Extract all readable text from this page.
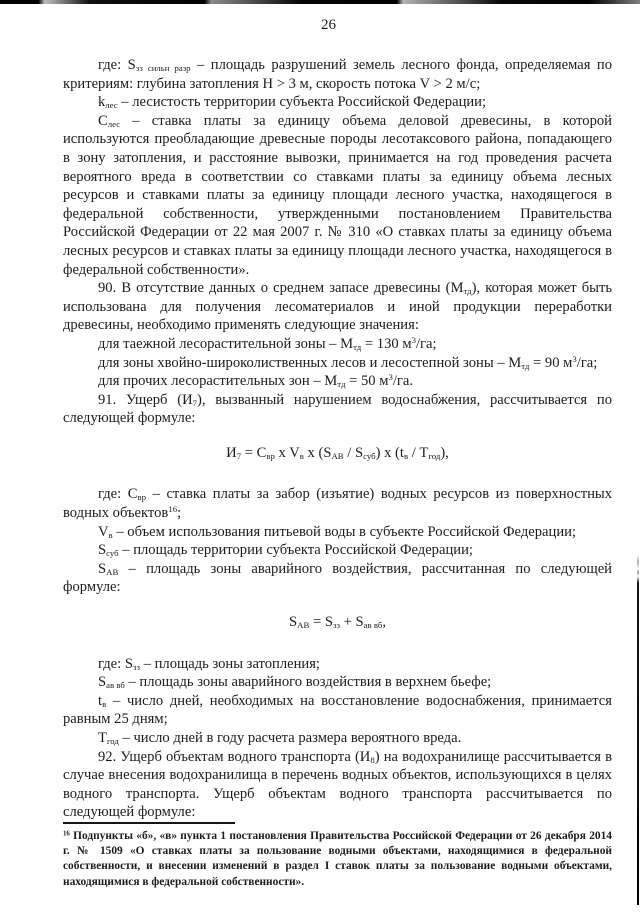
26

где: $S_{зз сильн разр}$ – площадь разрушений земель лесного фонда, определяемая по критериям: глубина затопления Н > 3 м, скорость потока V > 2 м/с;

$k_{лес}$ – лесистость территории субъекта Российской Федерации;

$С_{лес}$ – ставка платы за единицу объема деловой древесины, в которой используются преобладающие древесные породы лесотаксового района, попадающего в зону затопления, и расстояние вывозки, принимается на год проведения расчета вероятного вреда в соответствии со ставками платы за единицу объема лесных ресурсов и ставками платы за единицу площади лесного участка, находящегося в федеральной собственности, утвержденными постановлением Правительства Российской Федерации от 22 мая 2007 г. № 310 «О ставках платы за единицу объема лесных ресурсов и ставках платы за единицу площади лесного участка, находящегося в федеральной собственности».

90. В отсутствие данных о среднем запасе древесины $(М_{тд})$, которая может быть использована для получения лесоматериалов и иной продукции переработки древесины, необходимо применять следующие значения:

для таежной лесорастительной зоны – $М_{тд} = 130$ $м^3/га$;

для зоны хвойно-широколиственных лесов и лесостепной зоны – $М_{тд} = 90$ $м^3/га$;

для прочих лесорастительных зон – $М_{тд} = 50$ $м^3/га$.

91. Ущерб $(И_7)$, вызванный нарушением водоснабжения, рассчитывается по следующей формуле:

$И_7 = С_{вр}$ x $V_в$ x $(S_{АВ} / S_{суб})$ x $(t_в / Т_{год})$,

где: $С_{вр}$ – ставка платы за забор (изъятие) водных ресурсов из поверхностных водных объектов$^{16}$;

$V_в$ – объем использования питьевой воды в субъекте Российской Федерации;

$S_{суб}$ – площадь территории субъекта Российской Федерации;

$S_{АВ}$ – площадь зоны аварийного воздействия, рассчитанная по следующей формуле:

$S_{АВ} = S_{зз} + S_{ав вб}$,

где: $S_{зз}$ – площадь зоны затопления;

$S_{ав вб}$ – площадь зоны аварийного воздействия в верхнем бьефе;

$t_в$ – число дней, необходимых на восстановление водоснабжения, принимается равным 25 дням;

$Т_{год}$ – число дней в году расчета размера вероятного вреда.

92. Ущерб объектам водного транспорта $(И_8)$ на водохранилище рассчитывается в случае внесения водохранилища в перечень водных объектов, использующихся в целях водного транспорта. Ущерб объектам водного транспорта рассчитывается по следующей формуле:

$^{16}$ Подпункты «б», «в» пункта 1 постановления Правительства Российской Федерации от 26 декабря 2014 г. № 1509 «О ставках платы за пользование водными объектами, находящимися в федеральной собственности, и внесении изменений в раздел I ставок платы за пользование водными объектами, находящимися в федеральной собственности».
